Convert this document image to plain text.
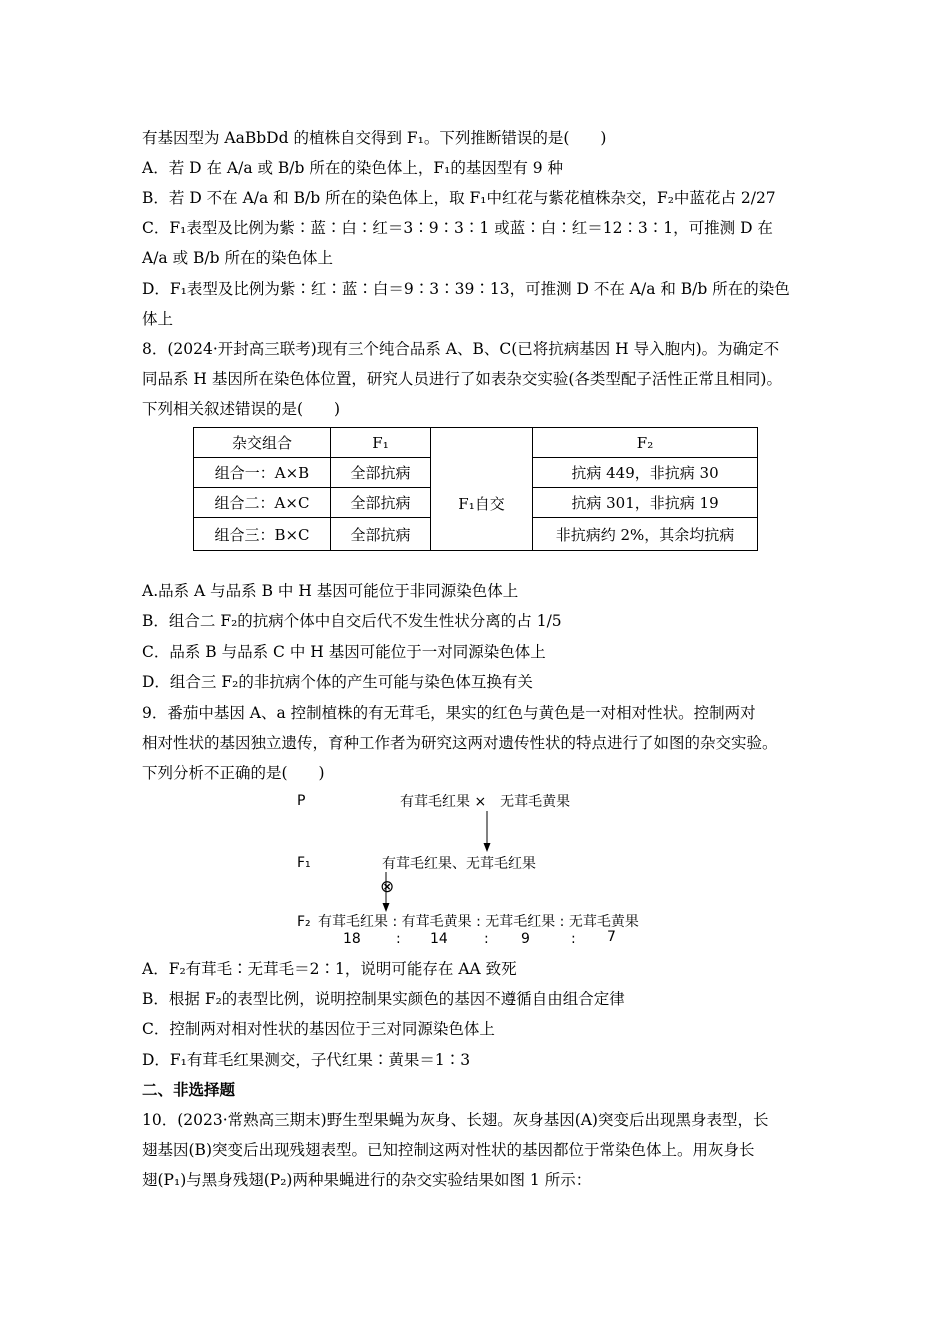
有基因型为 AaBbDd 的植株自交得到 F₁。下列推断错误的是(　　)
A．若 D 在 A/a 或 B/b 所在的染色体上，F₁的基因型有 9 种
B．若 D 不在 A/a 和 B/b 所在的染色体上，取 F₁中红花与紫花植株杂交，F₂中蓝花占 2/27
C．F₁表型及比例为紫∶蓝∶白∶红＝3∶9∶3∶1 或蓝∶白∶红＝12∶3∶1，可推测 D 在
A/a 或 B/b 所在的染色体上
D．F₁表型及比例为紫∶红∶蓝∶白＝9∶3∶39∶13，可推测 D 不在 A/a 和 B/b 所在的染色
体上
8．(2024·开封高三联考)现有三个纯合品系 A、B、C(已将抗病基因 H 导入胞内)。为确定不
同品系 H 基因所在染色体位置，研究人员进行了如表杂交实验(各类型配子活性正常且相同)。
下列相关叙述错误的是(　　)
杂交组合	F₁		F₂
组合一：A×B	全部抗病	F₁自交	抗病 449，非抗病 30
组合二：A×C	全部抗病		抗病 301，非抗病 19
组合三：B×C	全部抗病		非抗病约 2%，其余均抗病
A.品系 A 与品系 B 中 H 基因可能位于非同源染色体上
B．组合二 F₂的抗病个体中自交后代不发生性状分离的占 1/5
C．品系 B 与品系 C 中 H 基因可能位于一对同源染色体上
D．组合三 F₂的非抗病个体的产生可能与染色体互换有关
9．番茄中基因 A、a 控制植株的有无茸毛，果实的红色与黄色是一对相对性状。控制两对
相对性状的基因独立遗传，育种工作者为研究这两对遗传性状的特点进行了如图的杂交实验。
下列分析不正确的是(　　)
P	有茸毛红果 ×　无茸毛黄果
F₁	有茸毛红果、无茸毛红果
⊗
F₂ 有茸毛红果 : 有茸毛黄果 : 无茸毛红果 : 无茸毛黄果
18	: 14	: 9	: 7
A．F₂有茸毛∶无茸毛＝2∶1，说明可能存在 AA 致死
B．根据 F₂的表型比例，说明控制果实颜色的基因不遵循自由组合定律
C．控制两对相对性状的基因位于三对同源染色体上
D．F₁有茸毛红果测交，子代红果∶黄果＝1∶3
二、非选择题
10．(2023·常熟高三期末)野生型果蝇为灰身、长翅。灰身基因(A)突变后出现黑身表型，长
翅基因(B)突变后出现残翅表型。已知控制这两对性状的基因都位于常染色体上。用灰身长
翅(P₁)与黑身残翅(P₂)两种果蝇进行的杂交实验结果如图 1 所示：
